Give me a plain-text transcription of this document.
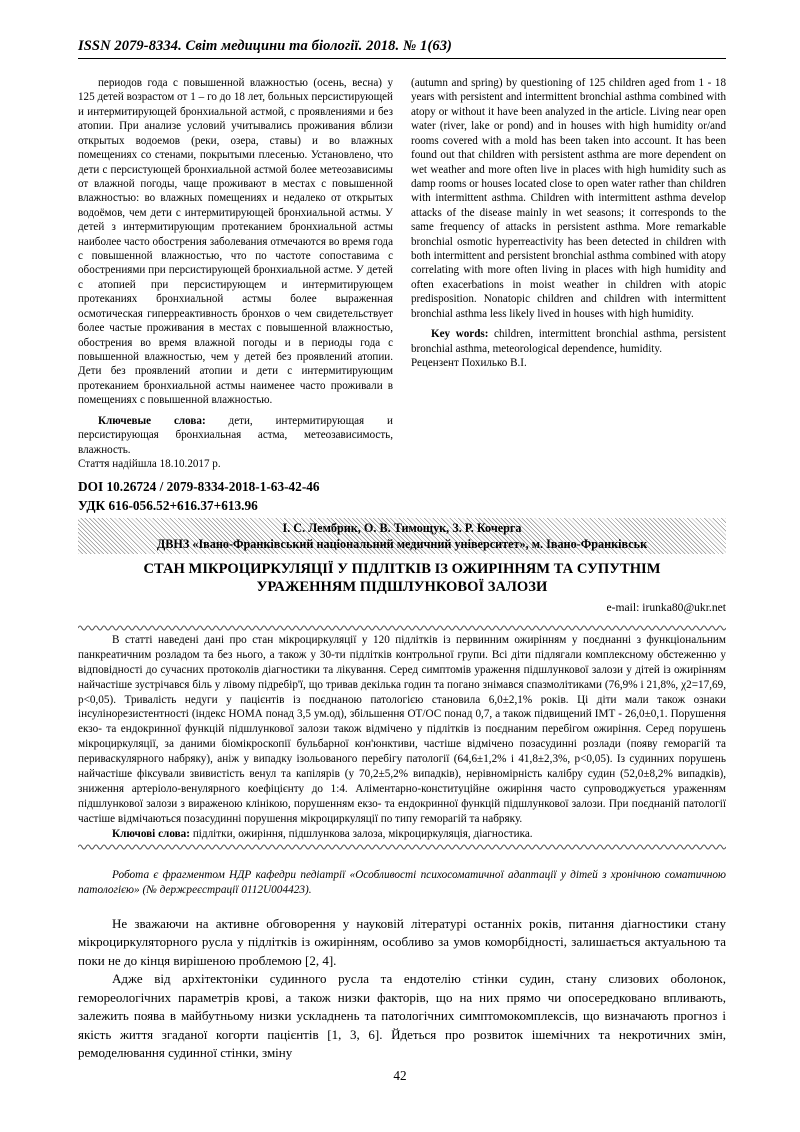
ISSN 2079-8334. Світ медицини та біології. 2018. № 1(63)

периодов года с повышенной влажностью (осень, весна) у 125 детей возрастом от 1 – го до 18 лет, больных персистирующей и интермитирующей бронхиальной астмой, с проявлениями и без атопии. При анализе условий учитывались проживания вблизи открытых водоемов (реки, озера, ставы) и во влажных помещениях со стенами, покрытыми плесенью. Установлено, что дети с персистующей бронхиальной астмой более метеозависимы от влажной погоды, чаще проживают в местах с повышенной влажностью: во влажных помещениях и недалеко от открытых водоёмов, чем дети с интермитирующей бронхиальной астмы. У детей з интермитирующим протеканием бронхиальной астмы наиболее часто обострения заболевания отмечаются во время года с повышенной влажностью, что по частоте сопоставима с обострениями при персистирующей бронхиальной астме. У детей с атопией при персистирующем и интермитирующем протеканиях бронхиальной астмы более выраженная осмотическая гиперреактивность бронхов о чем свидетельствует более частые проживания в местах с повышенной влажностью, обострения во время влажной погоды и в периоды года с повышенной влажностью, чем у детей без проявлений атопии. Дети без проявлений атопии и дети с интермитирующим протеканием бронхиальной астмы наименее часто проживали в помещениях с повышенной влажностью.

Ключевые слова: дети, интермитирующая и персистирующая бронхиальная астма, метеозависимость, влажность.

Стаття надійшла 18.10.2017 р.

(autumn and spring) by questioning of 125 children aged from 1 - 18 years with persistent and intermittent bronchial asthma combined with atopy or without it have been analyzed in the article. Living near open water (river, lake or pond) and in houses with high humidity or/and rooms covered with a mold has been taken into account. It has been found out that children with persistent asthma are more dependent on wet weather and more often live in places with high humidity such as damp rooms or houses located close to open water rather than children with intermittent asthma. Children with intermittent asthma develop attacks of the disease mainly in wet seasons; it corresponds to the same frequency of attacks in persistent asthma. More remarkable bronchial osmotic hyperreactivity has been detected in children with both intermittent and persistent bronchial asthma combined with atopy correlating with more often living in places with high humidity and often exacerbations in moist weather in children with atopic predisposition. Nonatopic children and children with intermittent bronchial asthma less likely lived in houses with high humidity.

Key words: children, intermittent bronchial asthma, persistent bronchial asthma, meteorological dependence, humidity.

Рецензент Похилько В.І.

DOI 10.26724 / 2079-8334-2018-1-63-42-46
УДК 616-056.52+616.37+613.96
І. С. Лембрик, О. В. Тимощук, З. Р. Кочерга
ДВНЗ «Івано-Франківський національний медичний університет», м. Івано-Франківськ
СТАН МІКРОЦИРКУЛЯЦІЇ У ПІДЛІТКІВ ІЗ ОЖИРІННЯМ ТА СУПУТНІМ
УРАЖЕННЯМ ПІДШЛУНКОВОЇ ЗАЛОЗИ
e-mail: irunka80@ukr.net

В статті наведені дані про стан мікроциркуляції у 120 підлітків із первинним ожирінням у поєднанні з функціональним панкреатичним розладом та без нього, а також у 30-ти підлітків контрольної групи. Всі діти підлягали комплексному обстеженню у відповідності до сучасних протоколів діагностики та лікування. Серед симптомів ураження підшлункової залози у дітей із ожирінням найчастіше зустрічався біль у лівому підребір'ї, що тривав декілька годин та погано знімався спазмолітиками (76,9% і 21,8%, χ2=17,69, p<0,05). Тривалість недуги у пацієнтів із поєднаною патологією становила 6,0±2,1% років. Ці діти мали також ознаки інсулінорезистентності (індекс НОМА понад 3,5 ум.од), збільшення ОТ/ОС понад 0,7, а також підвищений ІМТ - 26,0±0,1. Порушення екзо- та ендокринної функцій підшлункової залози також відмічено у підлітків із поєднаним перебігом ожиріння. Серед порушень мікроциркуляції, за даними біомікроскопії бульбарної кон'юнктиви, частіше відмічено позасудинні розлади (появу геморагій та периваскулярного набряку), аніж у випадку ізольованого перебігу патології (64,6±1,2% і 41,8±2,3%, p<0,05). Із судинних порушень найчастіше фіксували звивистість венул та капілярів (у 70,2±5,2% випадків), нерівномірність калібру судин (52,0±8,2% випадків), зниження артеріоло-венулярного коефіцієнту до 1:4. Аліментарно-конституційне ожиріння часто супроводжується ураженням підшлункової залози з вираженою клінікою, порушенням екзо- та ендокринної функцій підшлункової залози. При поєднаній патології частіше відмічаються позасудинні порушення мікроциркуляції по типу геморагій та набряку.

Ключові слова: підлітки, ожиріння, підшлункова залоза, мікроциркуляція, діагностика.

Робота є фрагментом НДР кафедри педіатрії «Особливості психосоматичної адаптації у дітей з хронічною соматичною патологією» (№ держреєстрації 0112U004423).

Не зважаючи на активне обговорення у науковій літературі останніх років, питання діагностики стану мікроциркуляторного русла у підлітків із ожирінням, особливо за умов коморбідності, залишається актуальною та поки не до кінця вирішеною проблемою [2, 4].

Адже від архітектоніки судинного русла та ендотелію стінки судин, стану слизових оболонок, гемореологічних параметрів крові, а також низки факторів, що на них прямо чи опосередковано впливають, залежить поява в майбутньому низки ускладнень та патологічних симптомокомплексів, що визначають прогноз і якість життя згаданої когорти пацієнтів [1, 3, 6]. Йдеться про розвиток ішемічних та некротичних змін, ремоделювання судинної стінки, зміну

42
